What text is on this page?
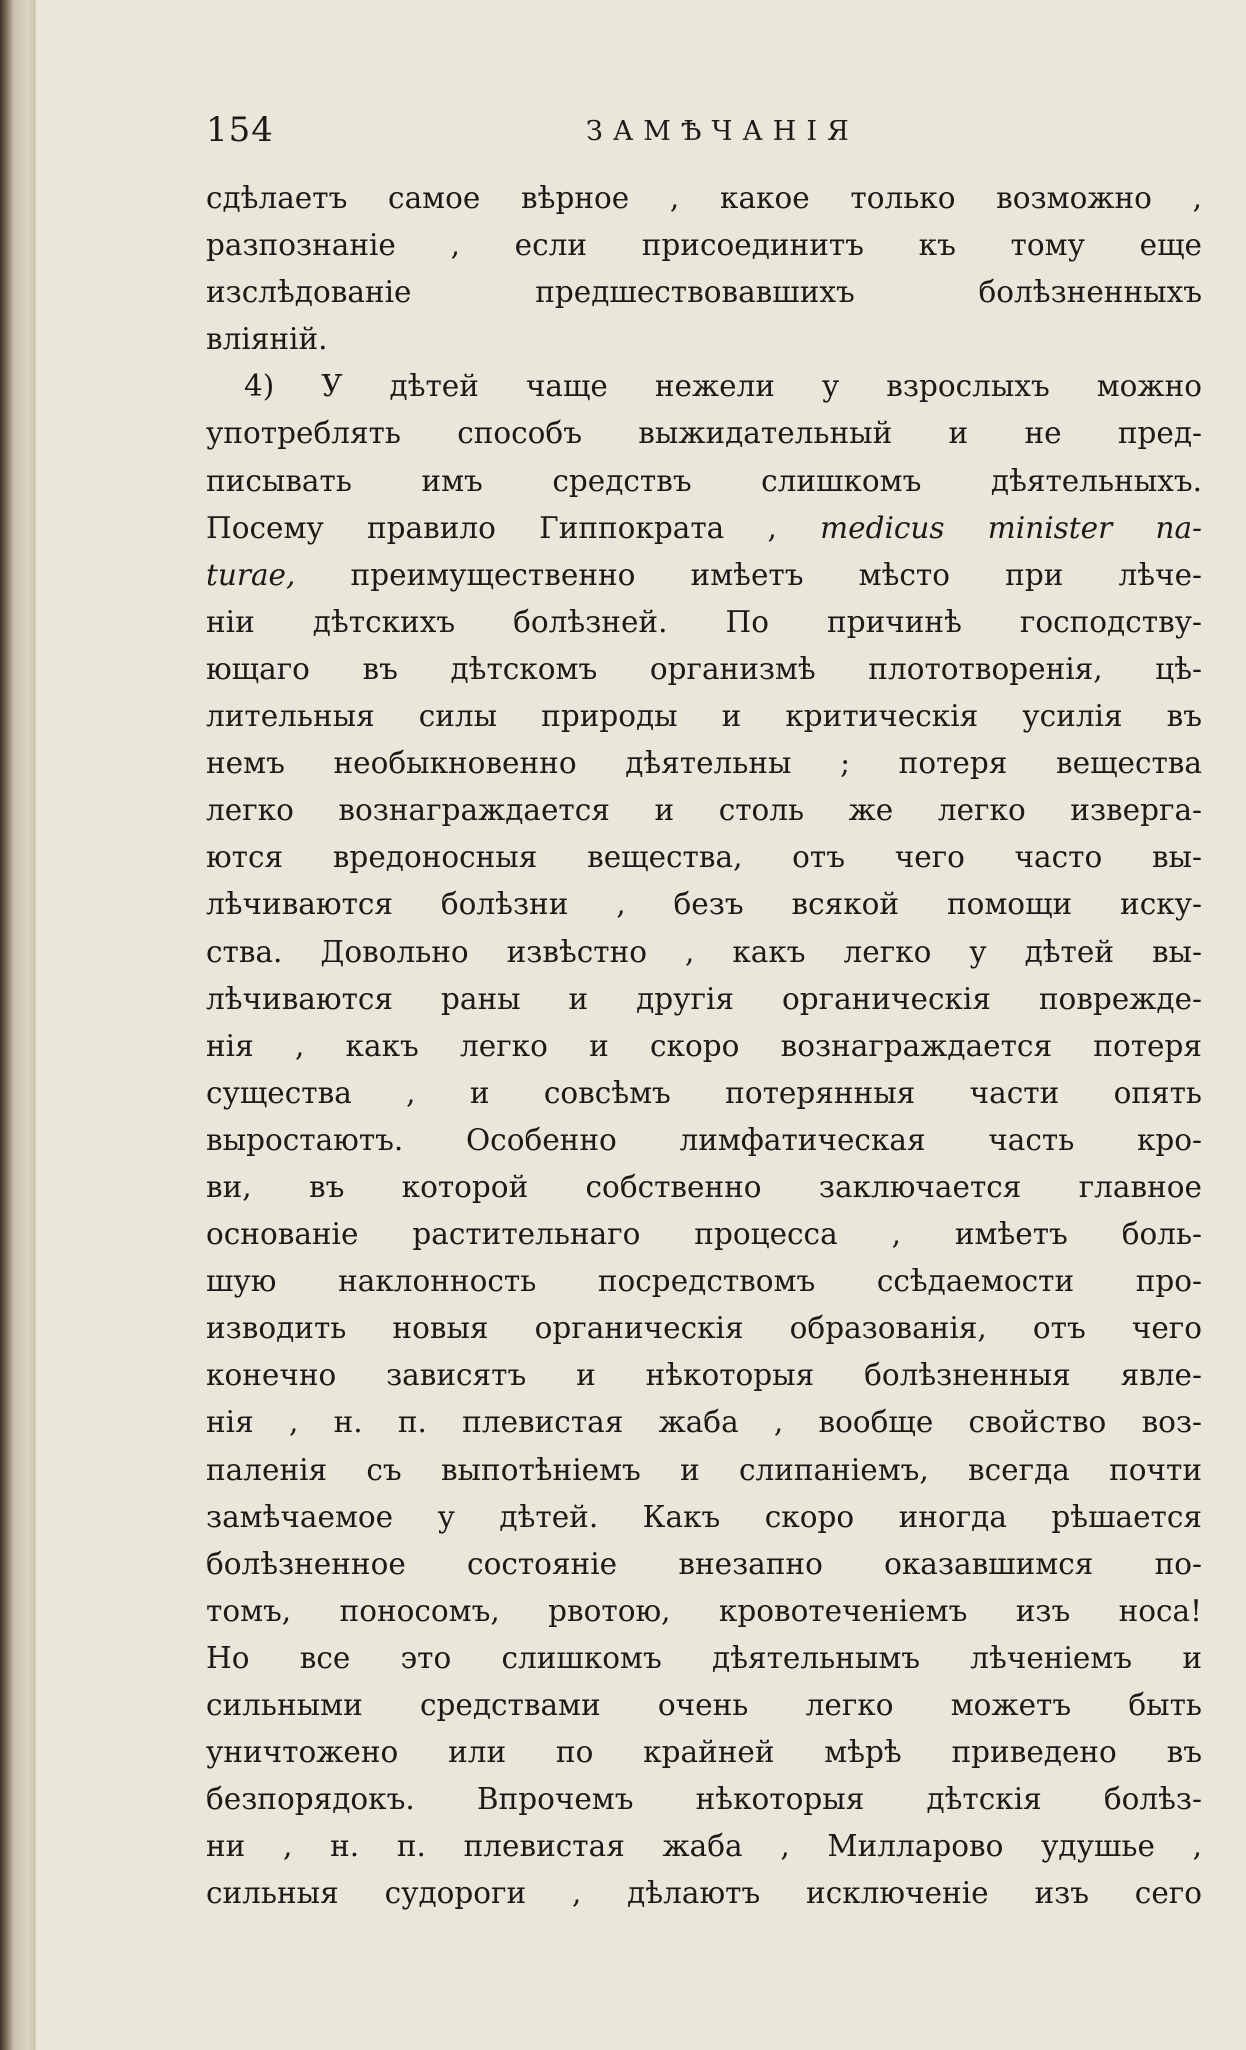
154	ЗАМѢЧАНІЯ
сдѣлаетъ самое вѣрное , какое только возможно ,
разпознаніе , если присоединитъ къ тому еще
изслѣдованіе предшествовавшихъ болѣзненныхъ
вліяній.
4) У дѣтей чаще нежели у взрослыхъ можно
употреблять способъ выжидательный и не пред-
писывать имъ средствъ слишкомъ дѣятельныхъ.
Посему правило Гиппократа , medicus minister na-
turae, преимущественно имѣетъ мѣсто при лѣче-
ніи дѣтскихъ болѣзней. По причинѣ господству-
ющаго въ дѣтскомъ организмѣ плототворенія, цѣ-
лительныя силы природы и критическія усилія въ
немъ необыкновенно дѣятельны ; потеря вещества
легко вознаграждается и столь же легко изверга-
ются вредоносныя вещества, отъ чего часто вы-
лѣчиваются болѣзни , безъ всякой помощи иску-
ства. Довольно извѣстно , какъ легко у дѣтей вы-
лѣчиваются раны и другія органическія поврежде-
нія , какъ легко и скоро вознаграждается потеря
существа , и совсѣмъ потерянныя части опять
выростаютъ. Особенно лимфатическая часть кро-
ви, въ которой собственно заключается главное
основаніе растительнаго процесса , имѣетъ боль-
шую наклонность посредствомъ ссѣдаемости про-
изводить новыя органическія образованія, отъ чего
конечно зависятъ и нѣкоторыя болѣзненныя явле-
нія , н. п. плевистая жаба , вообще свойство воз-
паленія съ выпотѣніемъ и слипаніемъ, всегда почти
замѣчаемое у дѣтей. Какъ скоро иногда рѣшается
болѣзненное состояніе внезапно оказавшимся по-
томъ, поносомъ, рвотою, кровотеченіемъ изъ носа!
Но все это слишкомъ дѣятельнымъ лѣченіемъ и
сильными средствами очень легко можетъ быть
уничтожено или по крайней мѣрѣ приведено въ
безпорядокъ. Впрочемъ нѣкоторыя дѣтскія болѣз-
ни , н. п. плевистая жаба , Милларово удушье ,
сильныя судороги , дѣлаютъ исключеніе изъ сего
